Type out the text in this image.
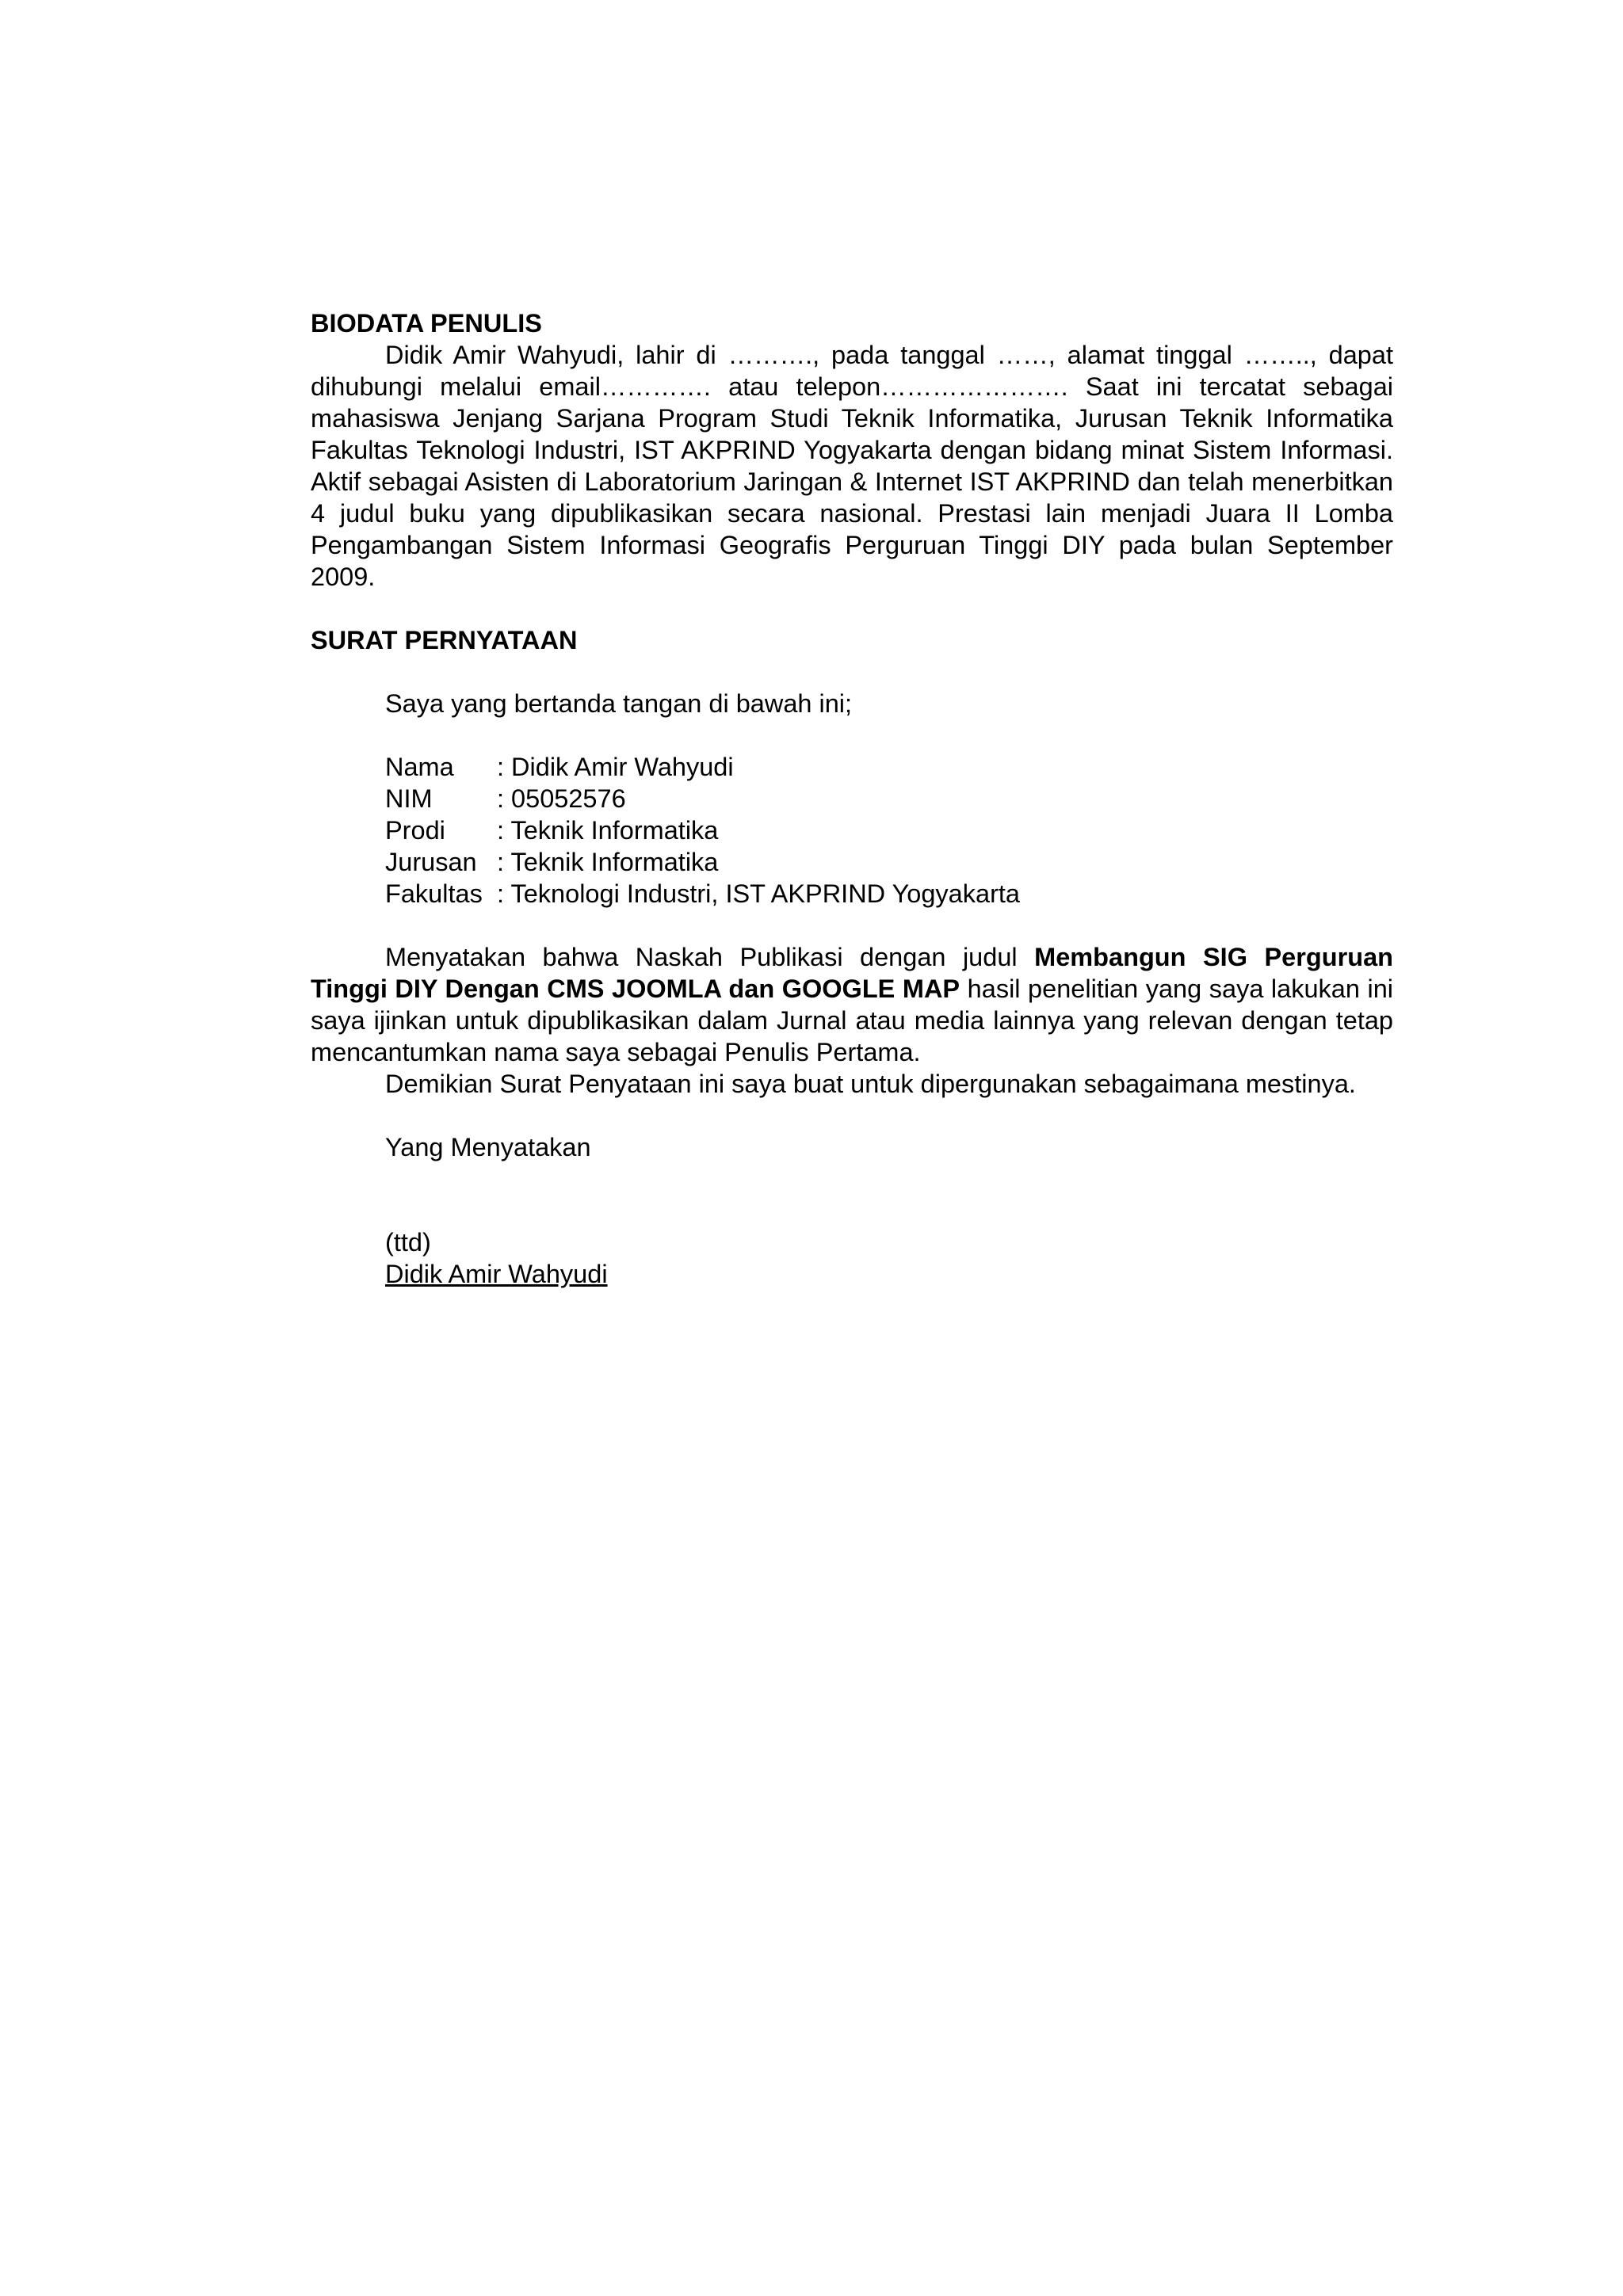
BIODATA PENULIS

Didik Amir Wahyudi, lahir di ………., pada tanggal ……, alamat tinggal …….., dapat dihubungi melalui email…………. atau telepon…………………. Saat ini tercatat sebagai mahasiswa Jenjang Sarjana Program Studi Teknik Informatika, Jurusan Teknik Informatika Fakultas Teknologi Industri, IST AKPRIND Yogyakarta dengan bidang minat Sistem Informasi. Aktif sebagai Asisten di Laboratorium Jaringan & Internet IST AKPRIND dan telah menerbitkan 4 judul buku yang dipublikasikan secara nasional. Prestasi lain menjadi Juara II Lomba Pengambangan Sistem Informasi Geografis Perguruan Tinggi DIY pada bulan September 2009.

SURAT PERNYATAAN

Saya yang bertanda tangan di bawah ini;

Nama	: Didik Amir Wahyudi
NIM	: 05052576
Prodi	: Teknik Informatika
Jurusan : Teknik Informatika
Fakultas : Teknologi Industri, IST AKPRIND Yogyakarta

Menyatakan bahwa Naskah Publikasi dengan judul Membangun SIG Perguruan Tinggi DIY Dengan CMS JOOMLA dan GOOGLE MAP hasil penelitian yang saya lakukan ini saya ijinkan untuk dipublikasikan dalam Jurnal atau media lainnya yang relevan dengan tetap mencantumkan nama saya sebagai Penulis Pertama.

Demikian Surat Penyataan ini saya buat untuk dipergunakan sebagaimana mestinya.

Yang Menyatakan

(ttd)

Didik Amir Wahyudi
